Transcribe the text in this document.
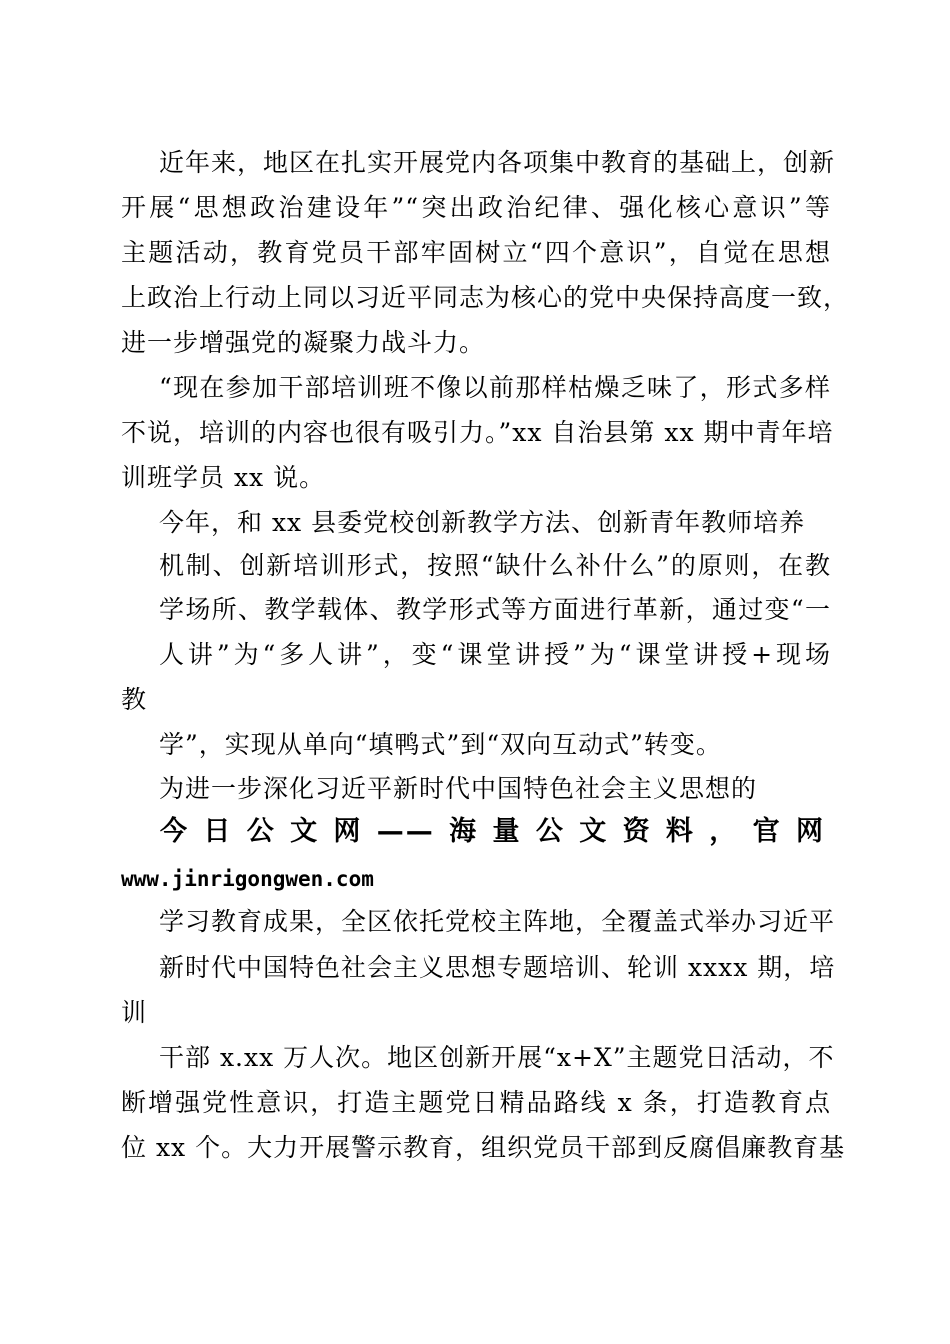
近年来，地区在扎实开展党内各项集中教育的基础上，创新
开展“思想政治建设年”“突出政治纪律、强化核心意识”等
主题活动，教育党员干部牢固树立“四个意识”，自觉在思想
上政治上行动上同以习近平同志为核心的党中央保持高度一致，
进一步增强党的凝聚力战斗力。
“现在参加干部培训班不像以前那样枯燥乏味了，形式多样
不说，培训的内容也很有吸引力。”xx 自治县第 xx 期中青年培
训班学员 xx 说。
今年，和 xx 县委党校创新教学方法、创新青年教师培养
机制、创新培训形式，按照“缺什么补什么”的原则，在教
学场所、教学载体、教学形式等方面进行革新，通过变“一
人讲”为“多人讲”，变“课堂讲授”为“课堂讲授+现场
教
学”，实现从单向“填鸭式”到“双向互动式”转变。
为进一步深化习近平新时代中国特色社会主义思想的
今日公文网——海量公文资料，官网
www.jinrigongwen.com
学习教育成果，全区依托党校主阵地，全覆盖式举办习近平
新时代中国特色社会主义思想专题培训、轮训 xxxx 期，培
训
干部 x.xx 万人次。地区创新开展“x+X”主题党日活动，不
断增强党性意识，打造主题党日精品路线 x 条，打造教育点
位 xx 个。大力开展警示教育，组织党员干部到反腐倡廉教育基
